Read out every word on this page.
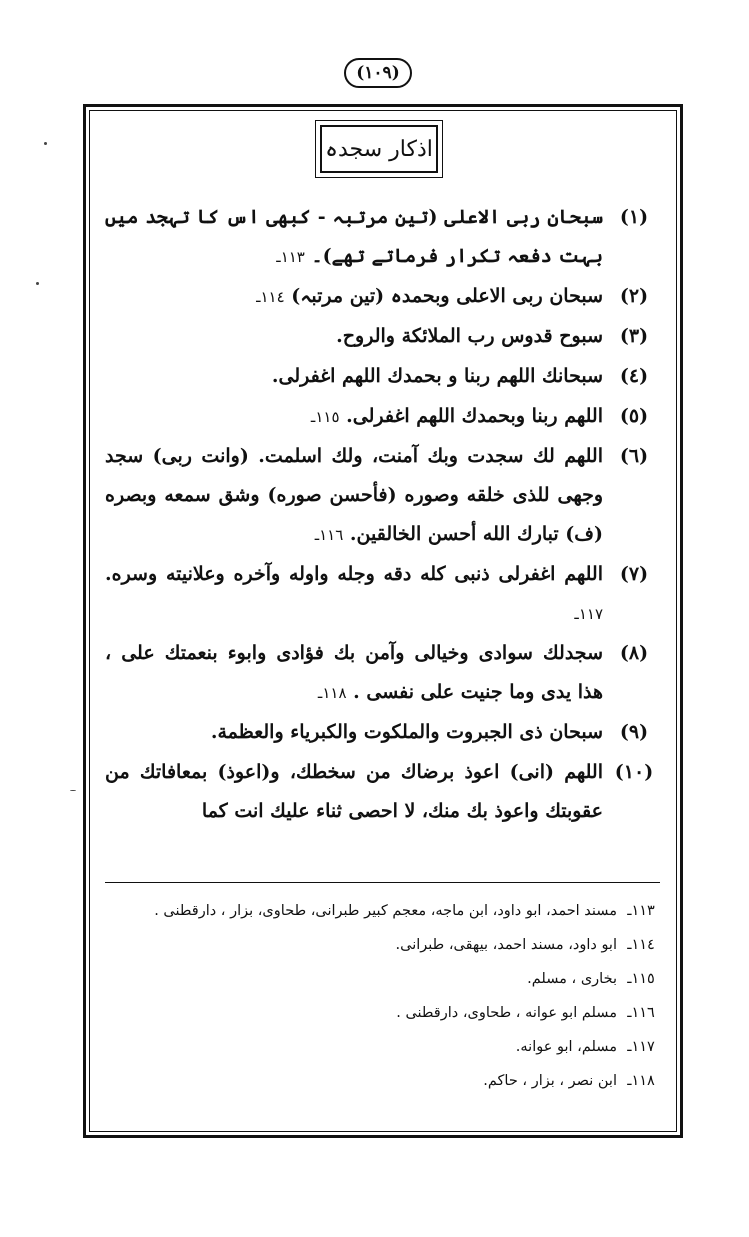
(١٠٩)
اذکار سجدہ
(١)
سبحان ربی الاعلی (تین مرتبہ - کبھی اس کا تہجد میں بہت دفعہ تکرار فرماتے تھے)۔ ١١٣ـ
(٢)
سبحان ربی الاعلی وبحمدہ (تین مرتبہ) ١١٤ـ
(٣)
سبوح قدوس رب الملائكة والروح.
(٤)
سبحانك اللهم ربنا و بحمدك اللهم اغفرلی.
(٥)
اللهم ربنا وبحمدك اللهم اغفرلی. ١١٥ـ
(٦)
اللهم لك سجدت وبك آمنت، ولك اسلمت. (وانت ربی) سجد وجهی للذی خلقه وصوره (فأحسن صوره) وشق سمعه وبصره (ف) تبارك الله أحسن الخالقين. ١١٦ـ
(٧)
اللهم اغفرلی ذنبی كله دقه وجله واوله وآخره وعلانيته وسره. ١١٧ـ
(٨)
سجدلك سوادی وخيالی وآمن بك فؤادی وابوء بنعمتك علی ، هذا يدی وما جنيت علی نفسی . ١١٨ـ
(٩)
سبحان ذی الجبروت والملكوت والكبرياء والعظمة.
(١٠)
اللهم (انی) اعوذ برضاك من سخطك، و(اعوذ) بمعافاتك من عقوبتك واعوذ بك منك، لا احصی ثناء عليك انت كما
١١٣ـ
مسند احمد، ابو داود، ابن ماجه، معجم كبير طبرانی، طحاوی، بزار ، دارقطنی .
١١٤ـ
ابو داود، مسند احمد، بيهقی، طبرانی.
١١٥ـ
بخاری ، مسلم.
١١٦ـ
مسلم ابو عوانه ، طحاوی، دارقطنی .
١١٧ـ
مسلم، ابو عوانه.
١١٨ـ
ابن نصر ، بزار ، حاكم.
